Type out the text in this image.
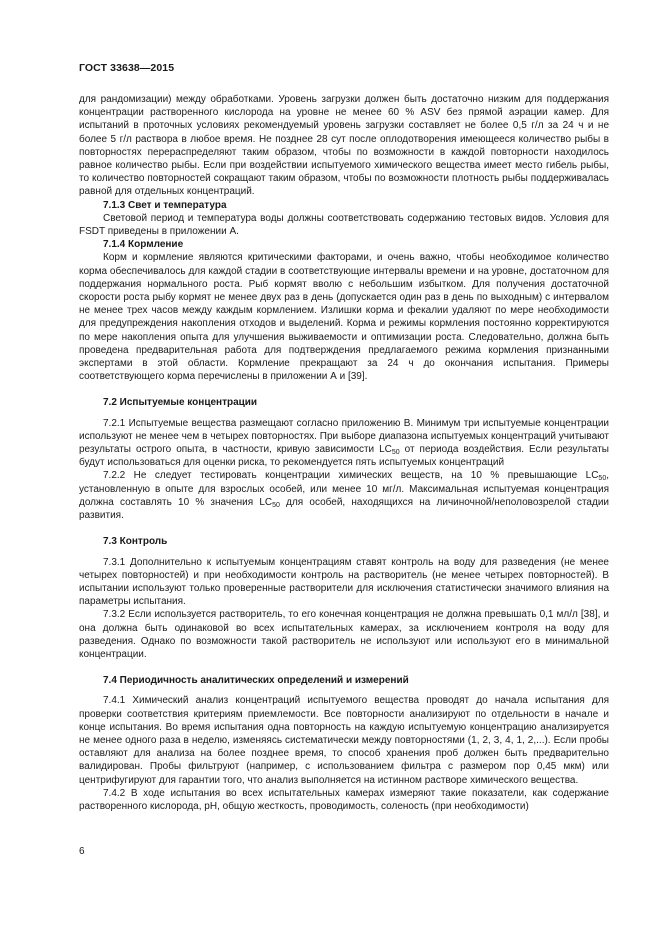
ГОСТ 33638—2015

для рандомизации) между обработками. Уровень загрузки должен быть достаточно низким для поддержания концентрации растворенного кислорода на уровне не менее 60 % ASV без прямой аэрации камер. Для испытаний в проточных условиях рекомендуемый уровень загрузки составляет не более 0,5 г/л за 24 ч и не более 5 г/л раствора в любое время. Не позднее 28 сут после оплодотворения имеющееся количество рыбы в повторностях перераспределяют таким образом, чтобы по возможности в каждой повторности находилось равное количество рыбы. Если при воздействии испытуемого химического вещества имеет место гибель рыбы, то количество повторностей сокращают таким образом, чтобы по возможности плотность рыбы поддерживалась равной для отдельных концентраций.

7.1.3 Свет и температура

Световой период и температура воды должны соответствовать содержанию тестовых видов. Условия для FSDT приведены в приложении А.

7.1.4 Кормление

Корм и кормление являются критическими факторами, и очень важно, чтобы необходимое количество корма обеспечивалось для каждой стадии в соответствующие интервалы времени и на уровне, достаточном для поддержания нормального роста. Рыб кормят вволю с небольшим избытком. Для получения достаточной скорости роста рыбу кормят не менее двух раз в день (допускается один раз в день по выходным) с интервалом не менее трех часов между каждым кормлением. Излишки корма и фекалии удаляют по мере необходимости для предупреждения накопления отходов и выделений. Корма и режимы кормления постоянно корректируются по мере накопления опыта для улучшения выживаемости и оптимизации роста. Следовательно, должна быть проведена предварительная работа для подтверждения предлагаемого режима кормления признанными экспертами в этой области. Кормление прекращают за 24 ч до окончания испытания. Примеры соответствующего корма перечислены в приложении А и [39].

7.2 Испытуемые концентрации

7.2.1 Испытуемые вещества размещают согласно приложению В. Минимум три испытуемые концентрации используют не менее чем в четырех повторностях. При выборе диапазона испытуемых концентраций учитывают результаты острого опыта, в частности, кривую зависимости $LC_{50}$ от периода воздействия. Если результаты будут использоваться для оценки риска, то рекомендуется пять испытуемых концентраций

7.2.2 Не следует тестировать концентрации химических веществ, на 10 % превышающие $LC_{50}$, установленную в опыте для взрослых особей, или менее 10 мг/л. Максимальная испытуемая концентрация должна составлять 10 % значения $LC_{50}$ для особей, находящихся на личиночной/неполовозрелой стадии развития.

7.3 Контроль

7.3.1 Дополнительно к испытуемым концентрациям ставят контроль на воду для разведения (не менее четырех повторностей) и при необходимости контроль на растворитель (не менее четырех повторностей). В испытании используют только проверенные растворители для исключения статистически значимого влияния на параметры испытания.

7.3.2 Если используется растворитель, то его конечная концентрация не должна превышать 0,1 мл/л [38], и она должна быть одинаковой во всех испытательных камерах, за исключением контроля на воду для разведения. Однако по возможности такой растворитель не используют или используют его в минимальной концентрации.

7.4 Периодичность аналитических определений и измерений

7.4.1 Химический анализ концентраций испытуемого вещества проводят до начала испытания для проверки соответствия критериям приемлемости. Все повторности анализируют по отдельности в начале и конце испытания. Во время испытания одна повторность на каждую испытуемую концентрацию анализируется не менее одного раза в неделю, изменяясь систематически между повторностями (1, 2, 3, 4, 1, 2,...). Если пробы оставляют для анализа на более позднее время, то способ хранения проб должен быть предварительно валидирован. Пробы фильтруют (например, с использованием фильтра с размером пор 0,45 мкм) или центрифугируют для гарантии того, что анализ выполняется на истинном растворе химического вещества.

7.4.2 В ходе испытания во всех испытательных камерах измеряют такие показатели, как содержание растворенного кислорода, pH, общую жесткость, проводимость, соленость (при необходимости)

6
